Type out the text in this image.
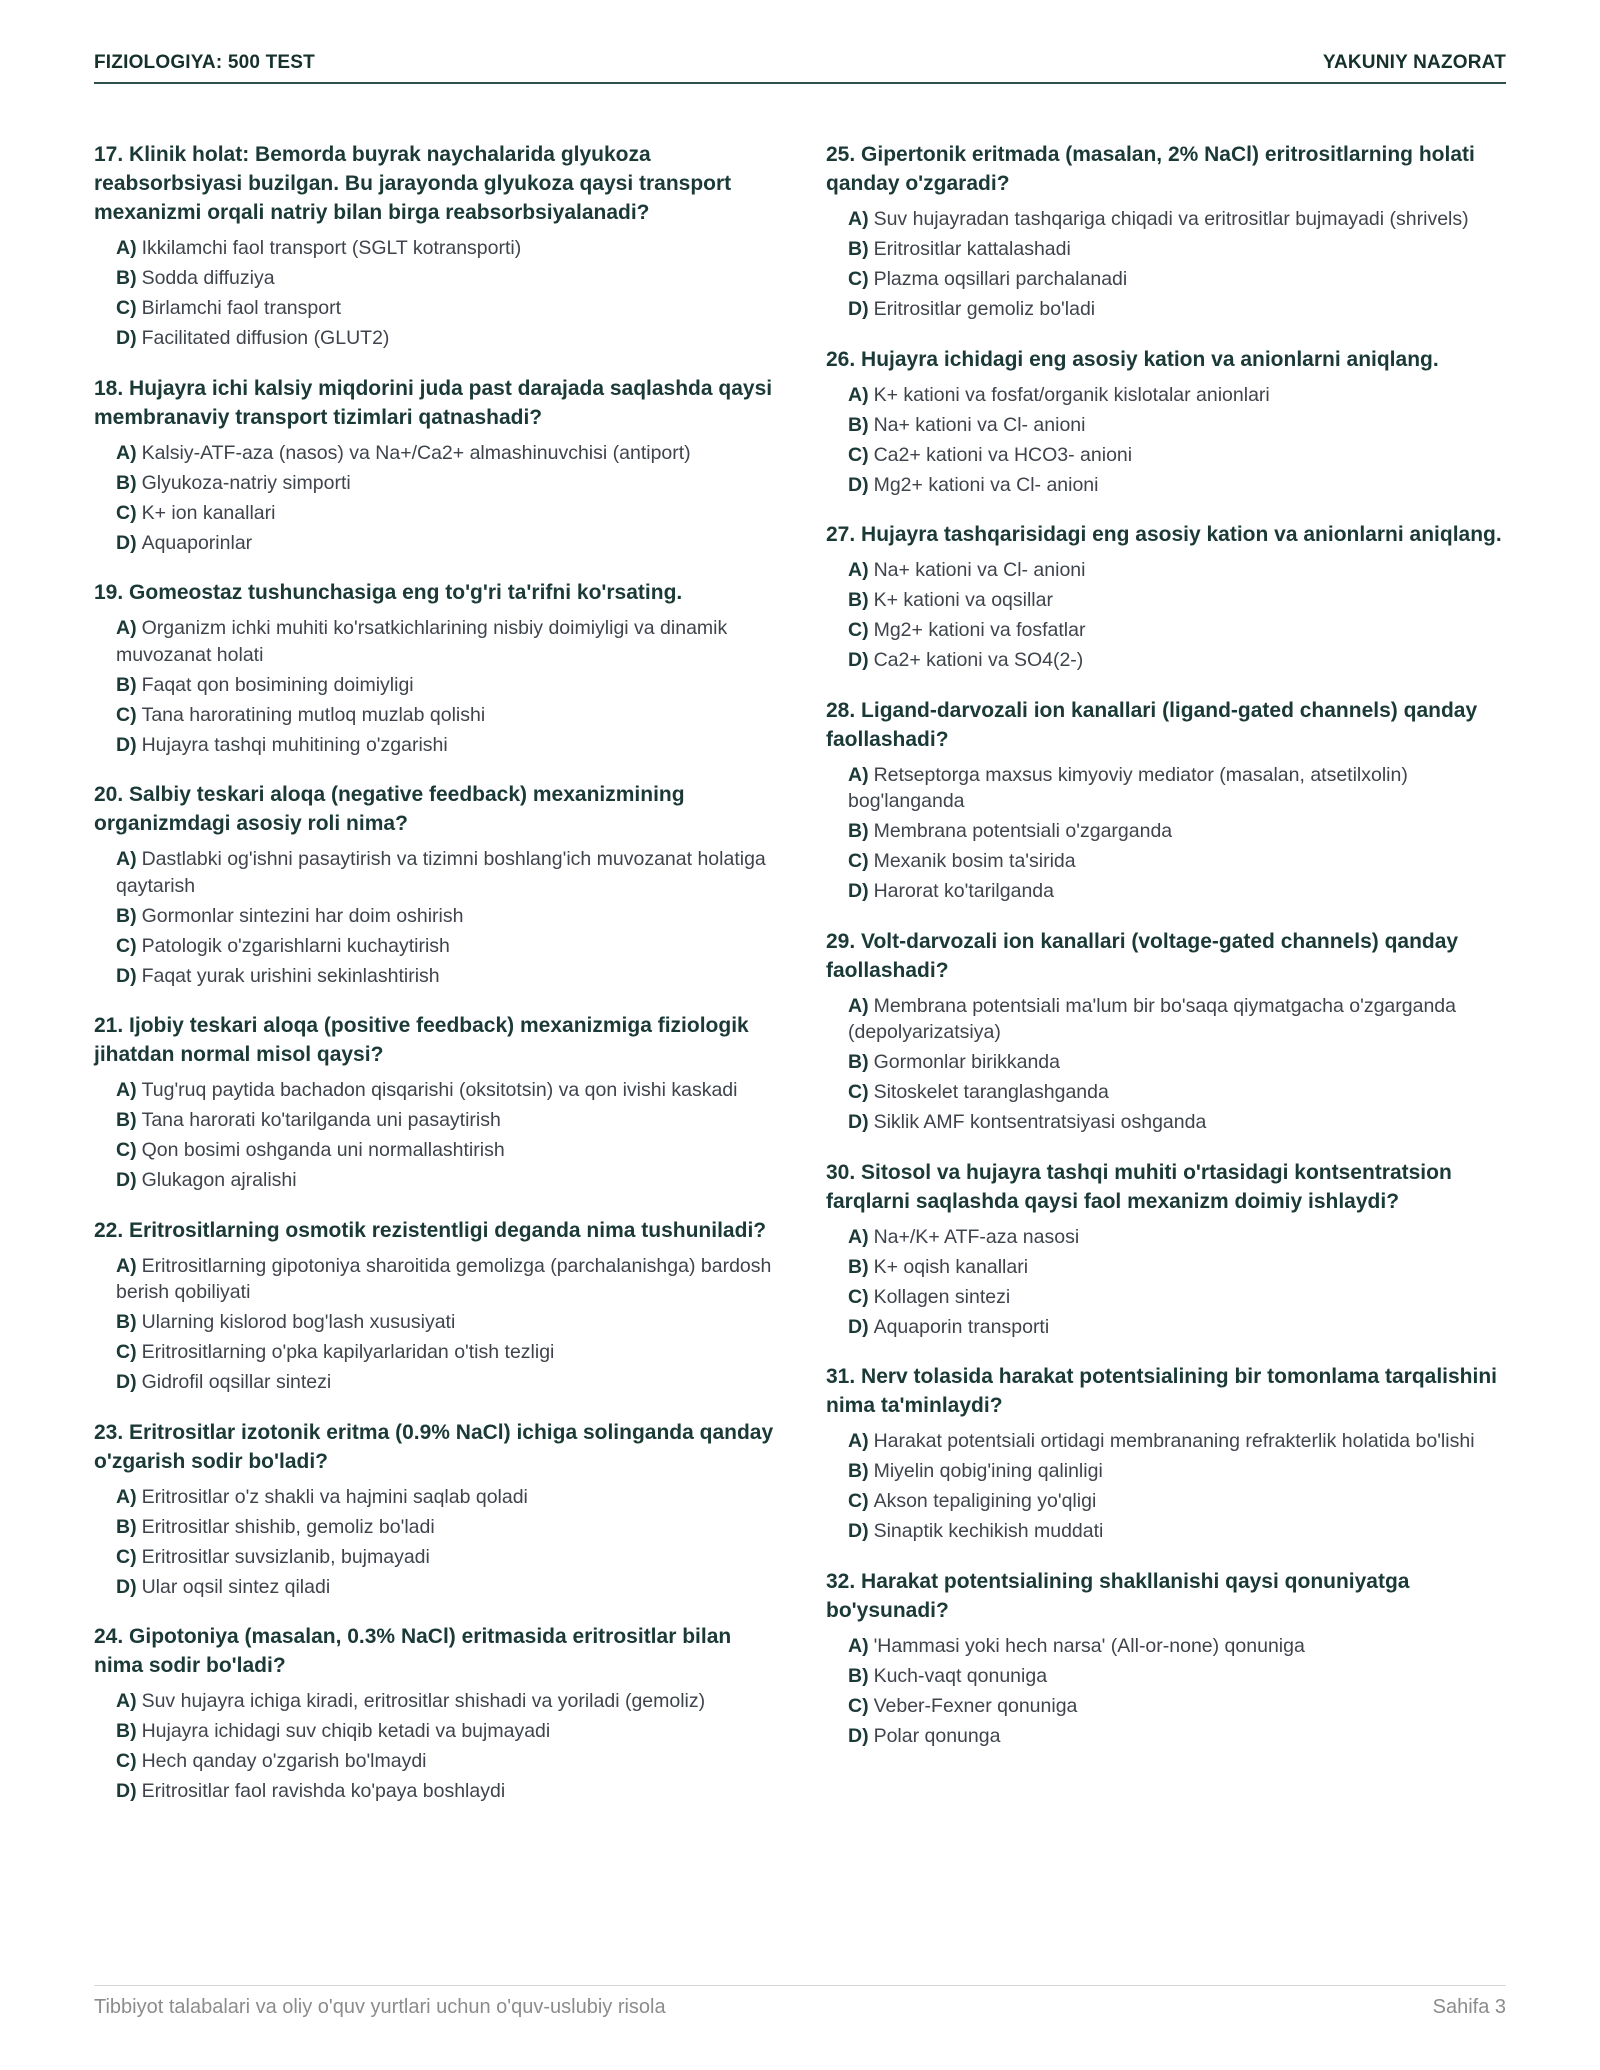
FIZIOLOGIYA: 500 TEST	YAKUNIY NAZORAT
17. Klinik holat: Bemorda buyrak naychalarida glyukoza reabsorbsiyasi buzilgan. Bu jarayonda glyukoza qaysi transport mexanizmi orqali natriy bilan birga reabsorbsiyalanadi?
A) Ikkilamchi faol transport (SGLT kotransporti)
B) Sodda diffuziya
C) Birlamchi faol transport
D) Facilitated diffusion (GLUT2)
18. Hujayra ichi kalsiy miqdorini juda past darajada saqlashda qaysi membranaviy transport tizimlari qatnashadi?
A) Kalsiy-ATF-aza (nasos) va Na+/Ca2+ almashinuvchisi (antiport)
B) Glyukoza-natriy simporti
C) K+ ion kanallari
D) Aquaporinlar
19. Gomeostaz tushunchasiga eng to'g'ri ta'rifni ko'rsating.
A) Organizm ichki muhiti ko'rsatkichlarining nisbiy doimiyligi va dinamik muvozanat holati
B) Faqat qon bosimining doimiyligi
C) Tana haroratining mutloq muzlab qolishi
D) Hujayra tashqi muhitining o'zgarishi
20. Salbiy teskari aloqa (negative feedback) mexanizmining organizmdagi asosiy roli nima?
A) Dastlabki og'ishni pasaytirish va tizimni boshlang'ich muvozanat holatiga qaytarish
B) Gormonlar sintezini har doim oshirish
C) Patologik o'zgarishlarni kuchaytirish
D) Faqat yurak urishini sekinlashtirish
21. Ijobiy teskari aloqa (positive feedback) mexanizmiga fiziologik jihatdan normal misol qaysi?
A) Tug'ruq paytida bachadon qisqarishi (oksitotsin) va qon ivishi kaskadi
B) Tana harorati ko'tarilganda uni pasaytirish
C) Qon bosimi oshganda uni normallashtirish
D) Glukagon ajralishi
22. Eritrositlarning osmotik rezistentligi deganda nima tushuniladi?
A) Eritrositlarning gipotoniya sharoitida gemolizga (parchalanishga) bardosh berish qobiliyati
B) Ularning kislorod bog'lash xususiyati
C) Eritrositlarning o'pka kapilyarlaridan o'tish tezligi
D) Gidrofil oqsillar sintezi
23. Eritrositlar izotonik eritma (0.9% NaCl) ichiga solinganda qanday o'zgarish sodir bo'ladi?
A) Eritrositlar o'z shakli va hajmini saqlab qoladi
B) Eritrositlar shishib, gemoliz bo'ladi
C) Eritrositlar suvsizlanib, bujmayadi
D) Ular oqsil sintez qiladi
24. Gipotoniya (masalan, 0.3% NaCl) eritmasida eritrositlar bilan nima sodir bo'ladi?
A) Suv hujayra ichiga kiradi, eritrositlar shishadi va yoriladi (gemoliz)
B) Hujayra ichidagi suv chiqib ketadi va bujmayadi
C) Hech qanday o'zgarish bo'lmaydi
D) Eritrositlar faol ravishda ko'paya boshlaydi
25. Gipertonik eritmada (masalan, 2% NaCl) eritrositlarning holati qanday o'zgaradi?
A) Suv hujayradan tashqariga chiqadi va eritrositlar bujmayadi (shrivels)
B) Eritrositlar kattalashadi
C) Plazma oqsillari parchalanadi
D) Eritrositlar gemoliz bo'ladi
26. Hujayra ichidagi eng asosiy kation va anionlarni aniqlang.
A) K+ kationi va fosfat/organik kislotalar anionlari
B) Na+ kationi va Cl- anioni
C) Ca2+ kationi va HCO3- anioni
D) Mg2+ kationi va Cl- anioni
27. Hujayra tashqarisidagi eng asosiy kation va anionlarni aniqlang.
A) Na+ kationi va Cl- anioni
B) K+ kationi va oqsillar
C) Mg2+ kationi va fosfatlar
D) Ca2+ kationi va SO4(2-)
28. Ligand-darvozali ion kanallari (ligand-gated channels) qanday faollashadi?
A) Retseptorga maxsus kimyoviy mediator (masalan, atsetilxolin) bog'langanda
B) Membrana potentsiali o'zgarganda
C) Mexanik bosim ta'sirida
D) Harorat ko'tarilganda
29. Volt-darvozali ion kanallari (voltage-gated channels) qanday faollashadi?
A) Membrana potentsiali ma'lum bir bo'saqa qiymatgacha o'zgarganda (depolyarizatsiya)
B) Gormonlar birikkanda
C) Sitoskelet taranglashganda
D) Siklik AMF kontsentratsiyasi oshganda
30. Sitosol va hujayra tashqi muhiti o'rtasidagi kontsentratsion farqlarni saqlashda qaysi faol mexanizm doimiy ishlaydi?
A) Na+/K+ ATF-aza nasosi
B) K+ oqish kanallari
C) Kollagen sintezi
D) Aquaporin transporti
31. Nerv tolasida harakat potentsialining bir tomonlama tarqalishini nima ta'minlaydi?
A) Harakat potentsiali ortidagi membrananing refrakterlik holatida bo'lishi
B) Miyelin qobig'ining qalinligi
C) Akson tepaligining yo'qligi
D) Sinaptik kechikish muddati
32. Harakat potentsialining shakllanishi qaysi qonuniyatga bo'ysunadi?
A) 'Hammasi yoki hech narsa' (All-or-none) qonuniga
B) Kuch-vaqt qonuniga
C) Veber-Fexner qonuniga
D) Polar qonunga
Tibbiyot talabalari va oliy o'quv yurtlari uchun o'quv-uslubiy risola	Sahifa 3
